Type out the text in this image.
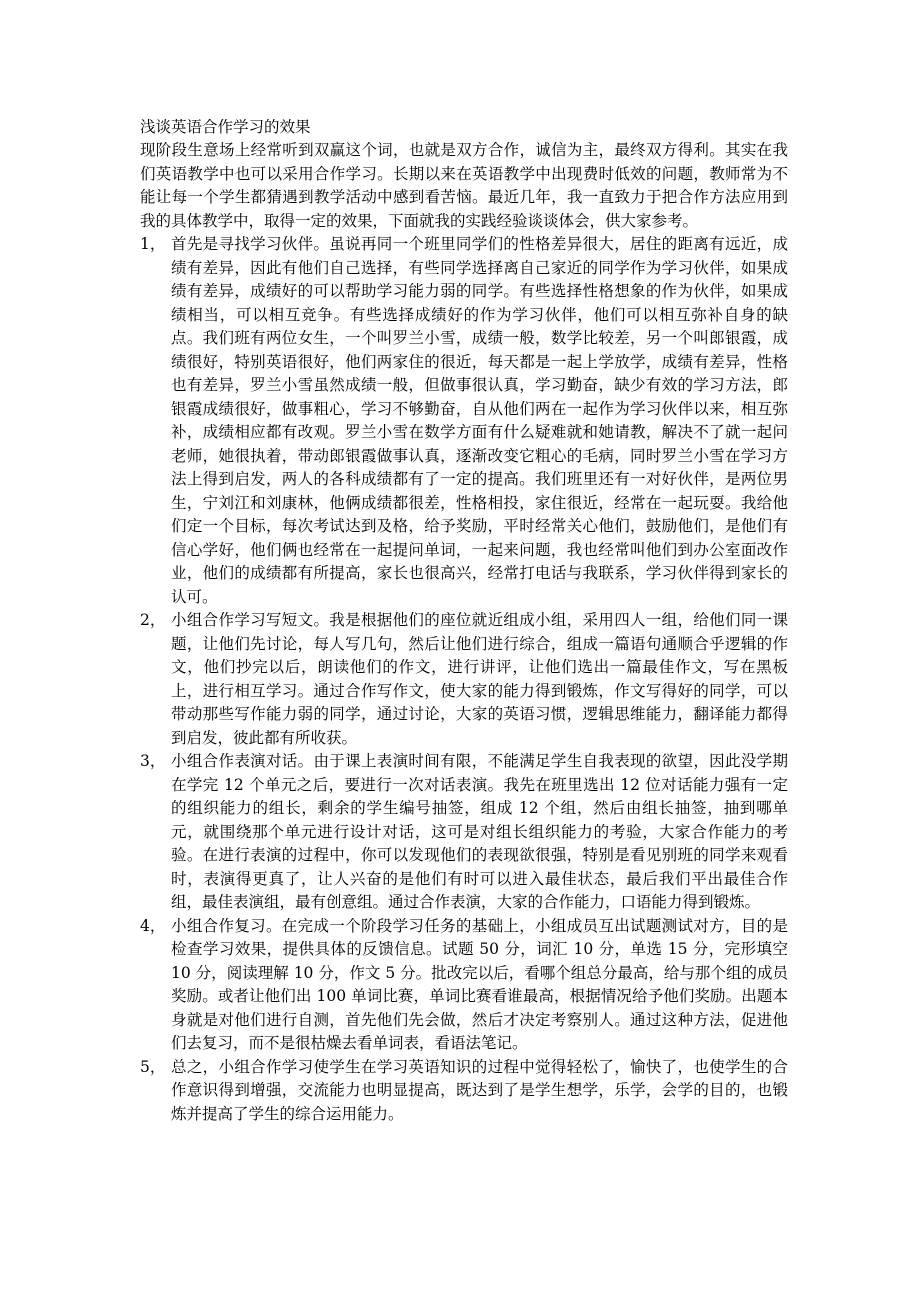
浅谈英语合作学习的效果

现阶段生意场上经常听到双赢这个词，也就是双方合作，诚信为主，最终双方得利。其实在我们英语教学中也可以采用合作学习。长期以来在英语教学中出现费时低效的问题，教师常为不能让每一个学生都猜遇到教学活动中感到看苦恼。最近几年，我一直致力于把合作方法应用到我的具体教学中，取得一定的效果，下面就我的实践经验谈谈体会，供大家参考。

1， 首先是寻找学习伙伴。虽说再同一个班里同学们的性格差异很大，居住的距离有远近，成绩有差异，因此有他们自己选择，有些同学选择离自己家近的同学作为学习伙伴，如果成绩有差异，成绩好的可以帮助学习能力弱的同学。有些选择性格想象的作为伙伴，如果成绩相当，可以相互竞争。有些选择成绩好的作为学习伙伴，他们可以相互弥补自身的缺点。我们班有两位女生，一个叫罗兰小雪，成绩一般，数学比较差，另一个叫郎银霞，成绩很好，特别英语很好，他们两家住的很近，每天都是一起上学放学，成绩有差异，性格也有差异，罗兰小雪虽然成绩一般，但做事很认真，学习勤奋，缺少有效的学习方法，郎银霞成绩很好，做事粗心，学习不够勤奋，自从他们两在一起作为学习伙伴以来，相互弥补，成绩相应都有改观。罗兰小雪在数学方面有什么疑难就和她请教，解决不了就一起问老师，她很执着，带动郎银霞做事认真，逐渐改变它粗心的毛病，同时罗兰小雪在学习方法上得到启发，两人的各科成绩都有了一定的提高。我们班里还有一对好伙伴，是两位男生，宁刘江和刘康林，他俩成绩都很差，性格相投，家住很近，经常在一起玩耍。我给他们定一个目标，每次考试达到及格，给予奖励，平时经常关心他们，鼓励他们，是他们有信心学好，他们俩也经常在一起提问单词，一起来问题，我也经常叫他们到办公室面改作业，他们的成绩都有所提高，家长也很高兴，经常打电话与我联系，学习伙伴得到家长的认可。
2， 小组合作学习写短文。我是根据他们的座位就近组成小组，采用四人一组，给他们同一课题，让他们先讨论，每人写几句，然后让他们进行综合，组成一篇语句通顺合乎逻辑的作文，他们抄完以后，朗读他们的作文，进行讲评，让他们选出一篇最佳作文，写在黑板上，进行相互学习。通过合作写作文，使大家的能力得到锻炼，作文写得好的同学，可以带动那些写作能力弱的同学，通过讨论，大家的英语习惯，逻辑思维能力，翻译能力都得到启发，彼此都有所收获。
3， 小组合作表演对话。由于课上表演时间有限，不能满足学生自我表现的欲望，因此没学期在学完 12 个单元之后，要进行一次对话表演。我先在班里选出 12 位对话能力强有一定的组织能力的组长，剩余的学生编号抽签，组成 12 个组，然后由组长抽签，抽到哪单元，就围绕那个单元进行设计对话，这可是对组长组织能力的考验，大家合作能力的考验。在进行表演的过程中，你可以发现他们的表现欲很强，特别是看见别班的同学来观看时，表演得更真了，让人兴奋的是他们有时可以进入最佳状态，最后我们平出最佳合作组，最佳表演组，最有创意组。通过合作表演，大家的合作能力，口语能力得到锻炼。
4， 小组合作复习。在完成一个阶段学习任务的基础上，小组成员互出试题测试对方，目的是检查学习效果，提供具体的反馈信息。试题 50 分，词汇 10 分，单选 15 分，完形填空 10 分，阅读理解 10 分，作文 5 分。批改完以后，看哪个组总分最高，给与那个组的成员奖励。或者让他们出 100 单词比赛，单词比赛看谁最高，根据情况给予他们奖励。出题本身就是对他们进行自测，首先他们先会做，然后才决定考察别人。通过这种方法，促进他们去复习，而不是很枯燥去看单词表，看语法笔记。
5， 总之，小组合作学习使学生在学习英语知识的过程中觉得轻松了，愉快了，也使学生的合作意识得到增强，交流能力也明显提高，既达到了是学生想学，乐学，会学的目的，也锻炼并提高了学生的综合运用能力。
